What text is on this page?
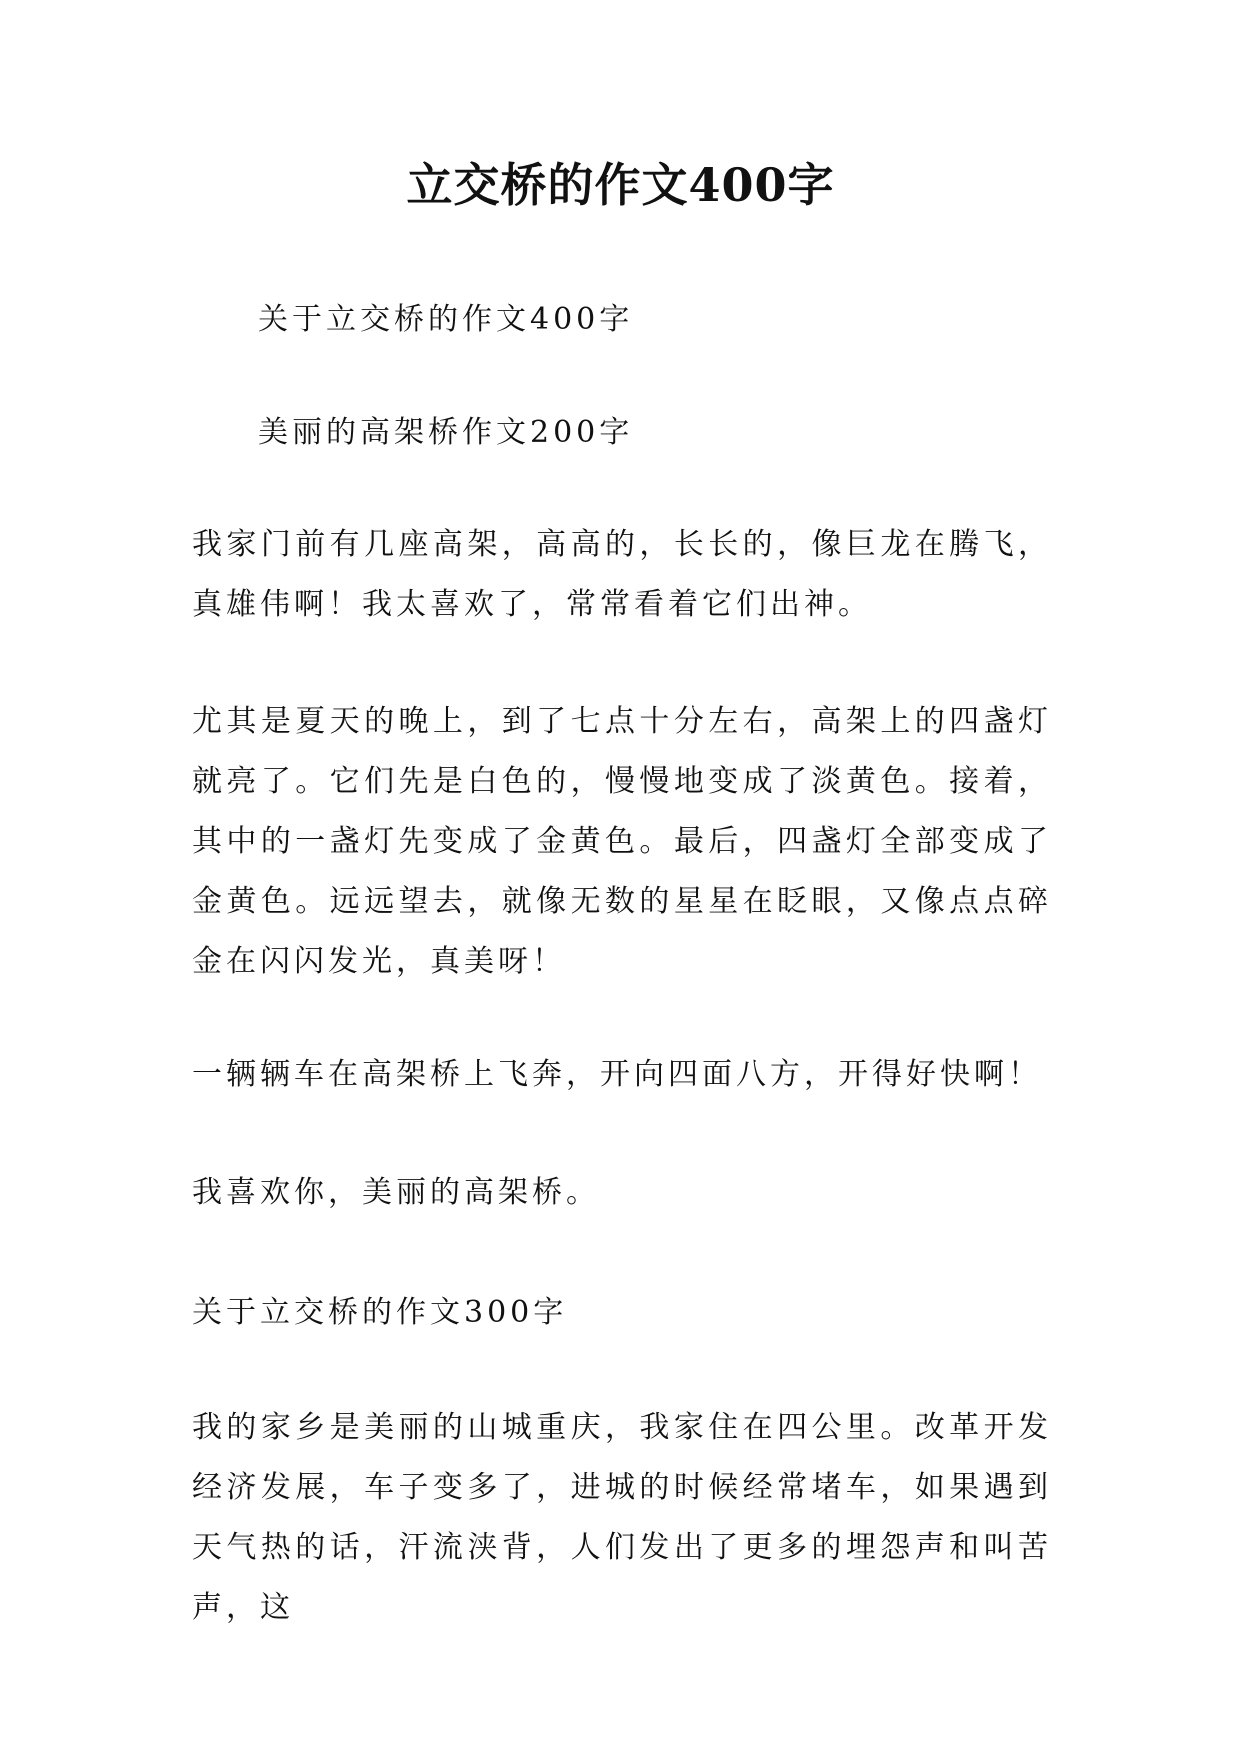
立交桥的作文400字

关于立交桥的作文400字

美丽的高架桥作文200字

我家门前有几座高架，高高的，长长的，像巨龙在腾飞，真雄伟啊！我太喜欢了，常常看着它们出神。

尤其是夏天的晚上，到了七点十分左右，高架上的四盏灯就亮了。它们先是白色的，慢慢地变成了淡黄色。接着，其中的一盏灯先变成了金黄色。最后，四盏灯全部变成了金黄色。远远望去，就像无数的星星在眨眼，又像点点碎金在闪闪发光，真美呀！

一辆辆车在高架桥上飞奔，开向四面八方，开得好快啊！

我喜欢你，美丽的高架桥。

关于立交桥的作文300字

我的家乡是美丽的山城重庆，我家住在四公里。改革开发经济发展，车子变多了，进城的时候经常堵车，如果遇到天气热的话，汗流浃背，人们发出了更多的埋怨声和叫苦声，这
